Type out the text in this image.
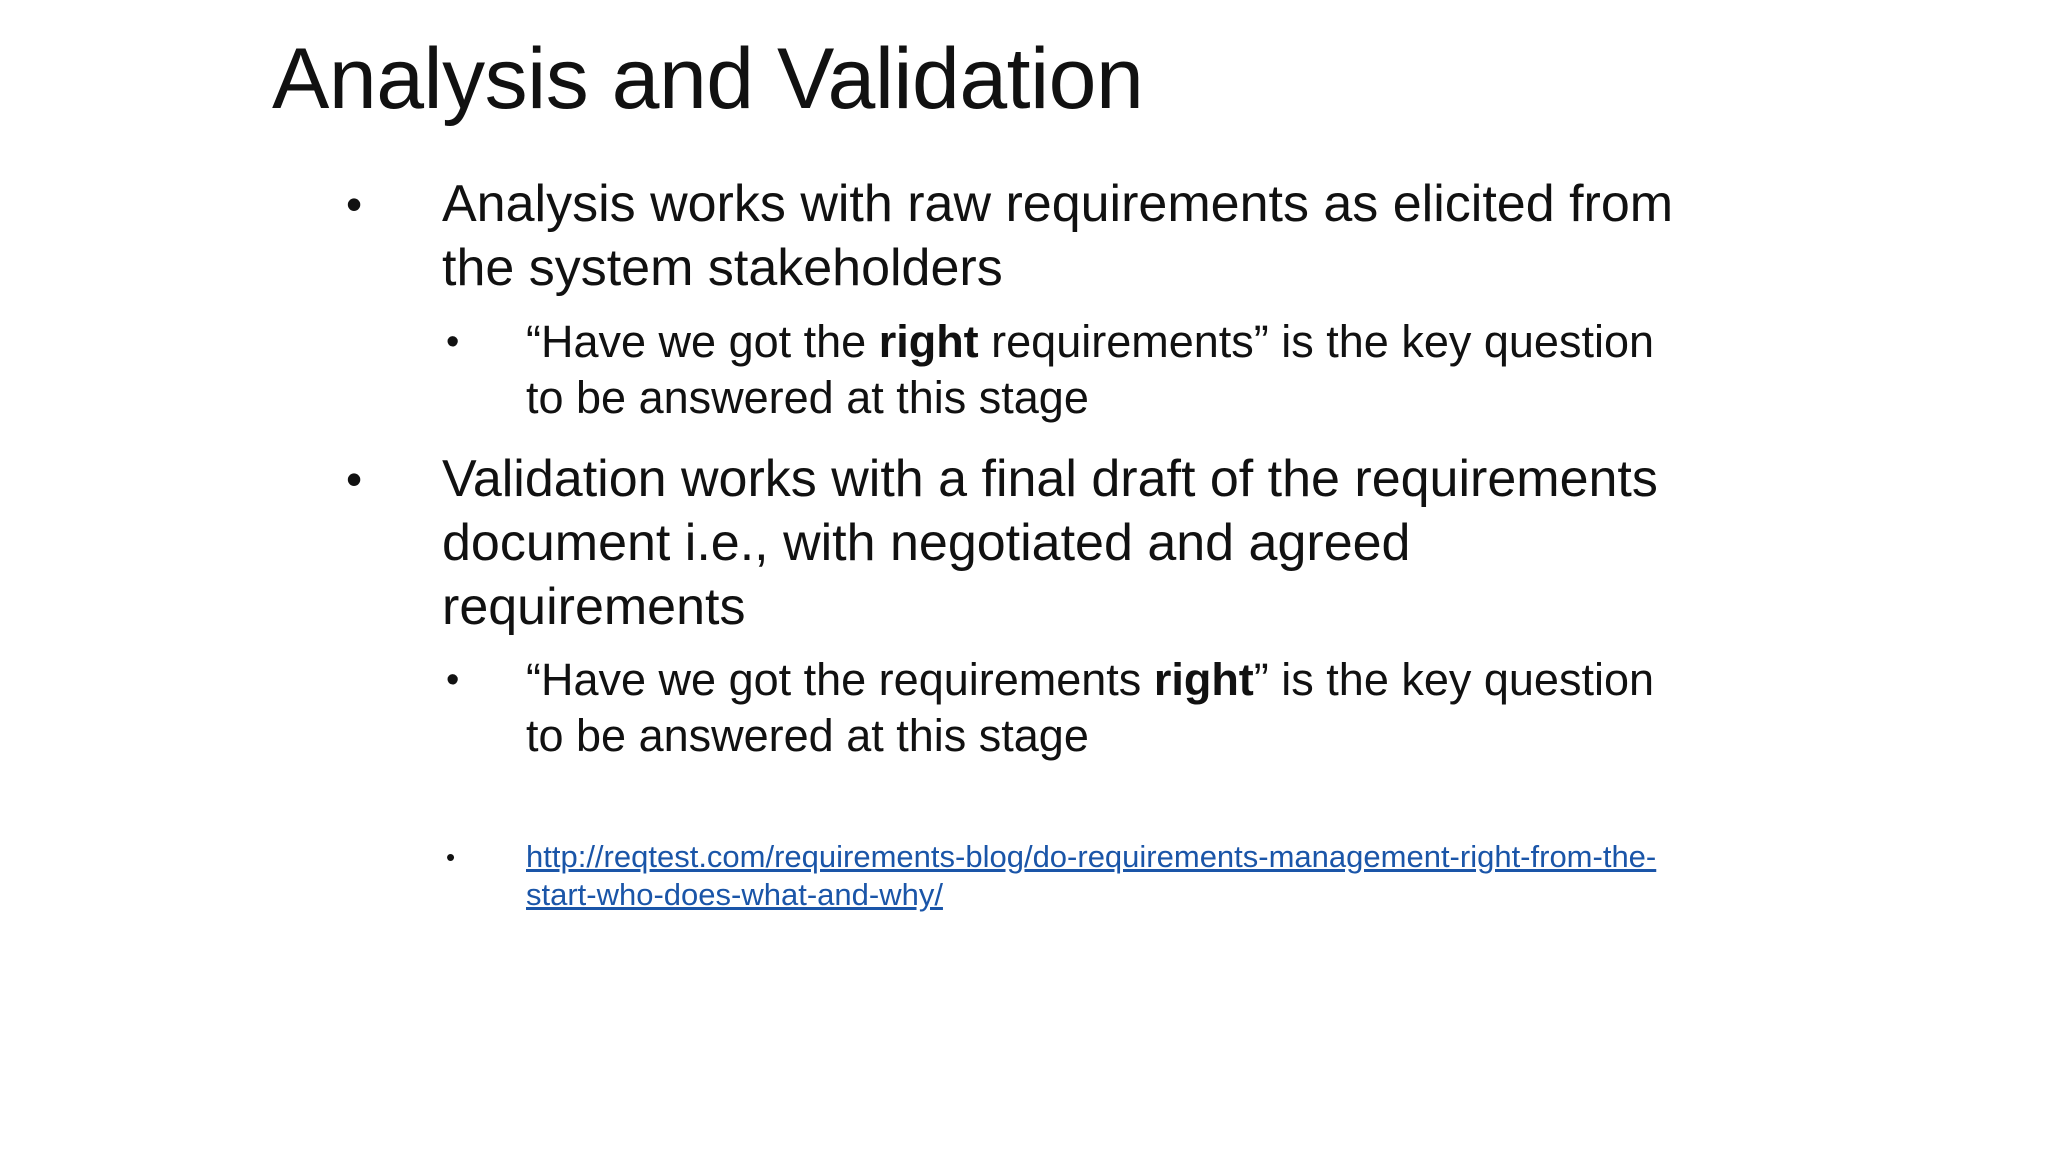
Analysis and Validation
•	Analysis works with raw requirements as elicited from the system stakeholders
•	“Have we got the right requirements” is the key question to be answered at this stage
•	Validation works with a final draft of the requirements document i.e., with negotiated and agreed requirements
•	“Have we got the requirements right” is the key question to be answered at this stage
•	http://reqtest.com/requirements-blog/do-requirements-management-right-from-the-start-who-does-what-and-why/
